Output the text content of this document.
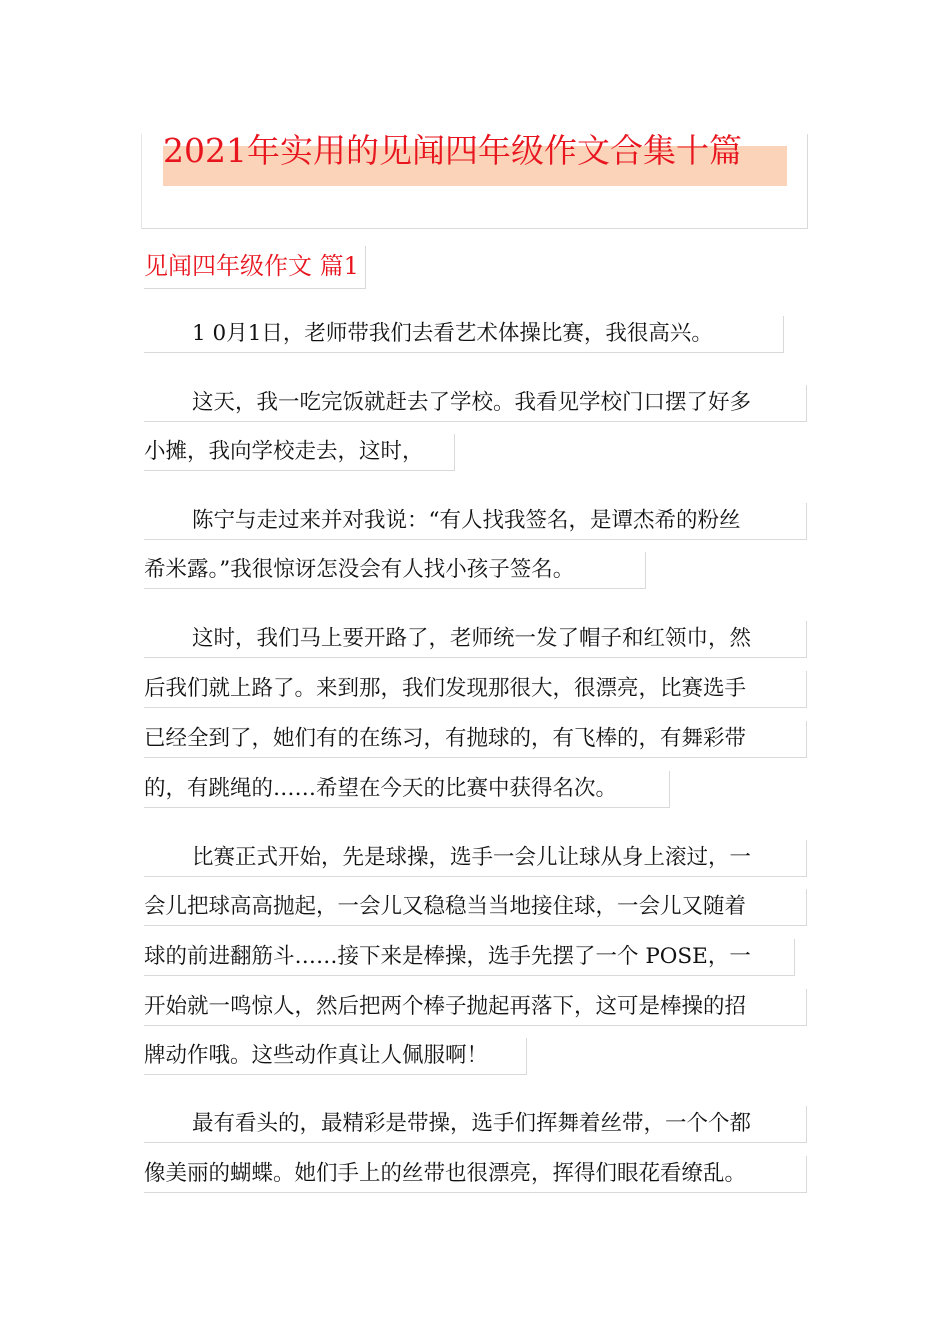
2021年实用的见闻四年级作文合集十篇
见闻四年级作文 篇1
1 0月1日，老师带我们去看艺术体操比赛，我很高兴。
这天，我一吃完饭就赶去了学校。我看见学校门口摆了好多
小摊，我向学校走去，这时，
陈宁与走过来并对我说：“有人找我签名，是谭杰希的粉丝
希米露。”我很惊讶怎没会有人找小孩子签名。
这时，我们马上要开路了，老师统一发了帽子和红领巾，然
后我们就上路了。来到那，我们发现那很大，很漂亮，比赛选手
已经全到了，她们有的在练习，有抛球的，有飞棒的，有舞彩带
的，有跳绳的……希望在今天的比赛中获得名次。
比赛正式开始，先是球操，选手一会儿让球从身上滚过，一
会儿把球高高抛起，一会儿又稳稳当当地接住球，一会儿又随着
球的前进翻筋斗……接下来是棒操，选手先摆了一个 POSE，一
开始就一鸣惊人，然后把两个棒子抛起再落下，这可是棒操的招
牌动作哦。这些动作真让人佩服啊！
最有看头的，最精彩是带操，选手们挥舞着丝带，一个个都
像美丽的蝴蝶。她们手上的丝带也很漂亮，挥得们眼花看缭乱。
